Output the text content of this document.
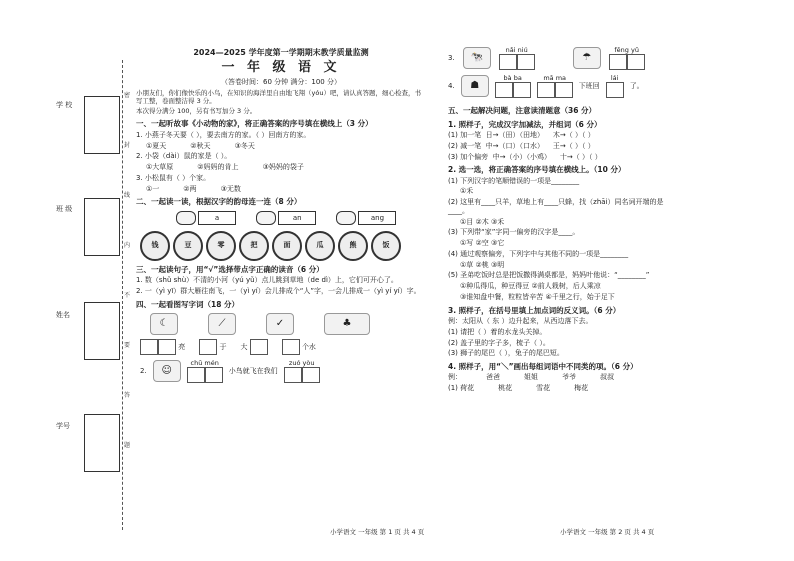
学 校
班 级
姓名
学号
密
封
线
内
不
要
答
题
2024—2025 学年度第一学期期末教学质量监测
一 年 级 语 文
（答卷时间：60 分钟 满分：100 分）
小朋友们，你们像快乐的小鸟，在知识的海洋里自由地飞翔（yóu）吧，请认真答题，细心检查，书写工整，卷面整洁得 3 分。
本次得分满分 100，另有书写加分 3 分。
一、一起听故事《小动物的家》，将正确答案的序号填在横线上（3 分）
1. 小燕子冬天要（ ），要去南方的家。（ ）回南方的家。
①夏天	②秋天	③冬天
2. 小袋（dài）鼠的家是（ ）。
①大草原	②妈妈的肯上	③妈妈的袋子
3. 小松鼠有（ ）个家。
①一	②两	③无数
二、一起读一读，根据汉字的韵母连一连（8 分）
a	an	ang
钱	豆	零	把	面	瓜	熊	饭
三、一起读句子，用“√”选择带点字正确的读音（6 分）
1. 数（shǔ shù）不清的小河（yú yǔ）点儿跳到草地（de dì）上，它们可开心了。
2. 一（yì yī）群大雁往南飞，一（yì yí）会儿排成个“人”字，一会儿排成一（yì yí yí）字。
四、一起看图写字词（18 分）
☾	⟋	✓	♣
亮	于 大	个水
2.	☺
chū mén
小鸟就飞在我们
zuó yòu
小学语文 一年级 第 1 页 共 4 页
3.	🐄
nǎi niú
☂
fēng yǔ
4.	☗
bà ba	mā ma
下班回
lái
了。
五、一起解决问题，注意读清题意（36 分）
1. 照样子，完成汉字加减法，并组词（6 分）
(1) 加一笔 日→（田）（田地） 木→（ ）（ ）
(2) 减一笔 中→（口）（口水） 王→（ ）（ ）
(3) 加个偏旁 中→（小）（小鸡） 十→（ ）（ ）
2. 选一选，将正确答案的序号填在横线上。（10 分）
(1) 下列汉字的笔顺错误的一项是________
①禾
(2) 这里有____只羊，草地上有____只蜂，找（zhāi）同名词开端的是____。
①目 ②木 ③禾
(3) 下列带“家”字同一偏旁的汉字是____。
①写 ②空 ③它
(4) 通过观察偏旁，下列字中与其他不同的一项是________
①草 ②桃 ③明
(5) 圣弟吃饭时总是把饭撒得满桌都是，妈妈叶他说：“________”
①种瓜得瓜，种豆得豆 ②前人栽树，后人乘凉
③谁知盘中餐，粒粒皆辛苦 ④千里之行，始于足下
3. 照样子，在括号里填上加点词的反义词。（6 分）
例：太阳从（ 东 ）边升起来，从西边落下去。
(1) 请把（ ）着的水龙头关掉。
(2) 盖子里的字子多，梳子（ ）。
(3) 狮子的尾巴（ ），兔子的尾巴短。
4. 照样子，用“＼”画出每组词语中不同类的项。（6 分）
例：	爸爸	姐姐	爷爷	叔叔
(1) 荷花	桃花	雪花	梅花
小学语文 一年级 第 2 页 共 4 页
